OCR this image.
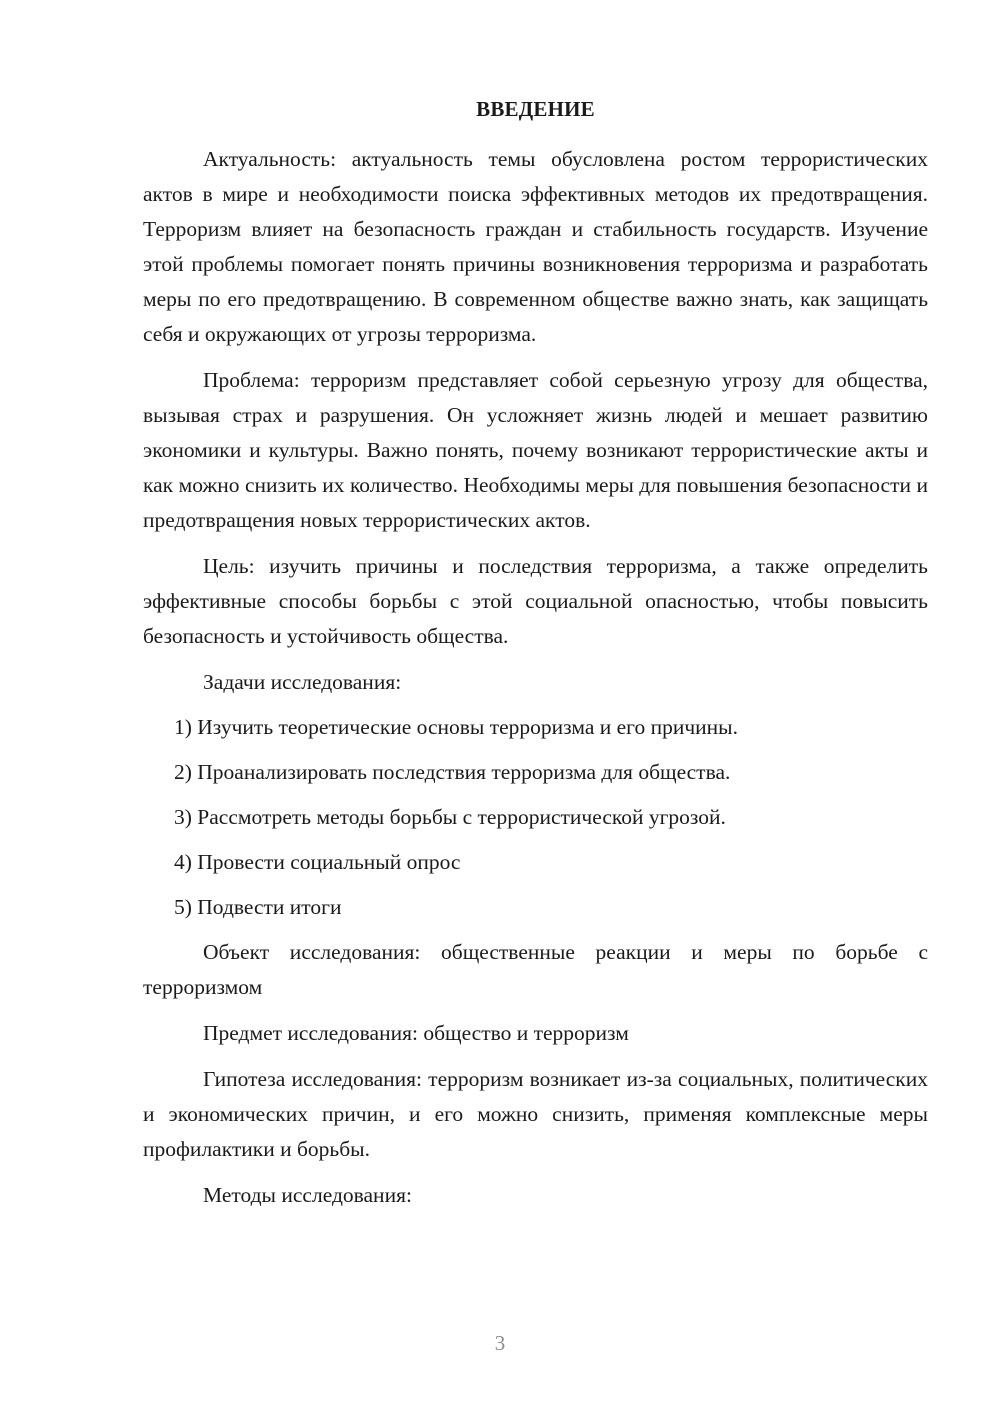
ВВЕДЕНИЕ

Актуальность: актуальность темы обусловлена ростом террористических актов в мире и необходимости поиска эффективных методов их предотвращения. Терроризм влияет на безопасность граждан и стабильность государств. Изучение этой проблемы помогает понять причины возникновения терроризма и разработать меры по его предотвращению. В современном обществе важно знать, как защищать себя и окружающих от угрозы терроризма.

Проблема: терроризм представляет собой серьезную угрозу для общества, вызывая страх и разрушения. Он усложняет жизнь людей и мешает развитию экономики и культуры. Важно понять, почему возникают террористические акты и как можно снизить их количество. Необходимы меры для повышения безопасности и предотвращения новых террористических актов.

Цель: изучить причины и последствия терроризма, а также определить эффективные способы борьбы с этой социальной опасностью, чтобы повысить безопасность и устойчивость общества.

Задачи исследования:

1) Изучить теоретические основы терроризма и его причины.
2) Проанализировать последствия терроризма для общества.
3) Рассмотреть методы борьбы с террористической угрозой.
4) Провести социальный опрос
5) Подвести итоги

Объект исследования: общественные реакции и меры по борьбе с терроризмом

Предмет исследования: общество и терроризм

Гипотеза исследования: терроризм возникает из-за социальных, политических и экономических причин, и его можно снизить, применяя комплексные меры профилактики и борьбы.

Методы исследования:

3
